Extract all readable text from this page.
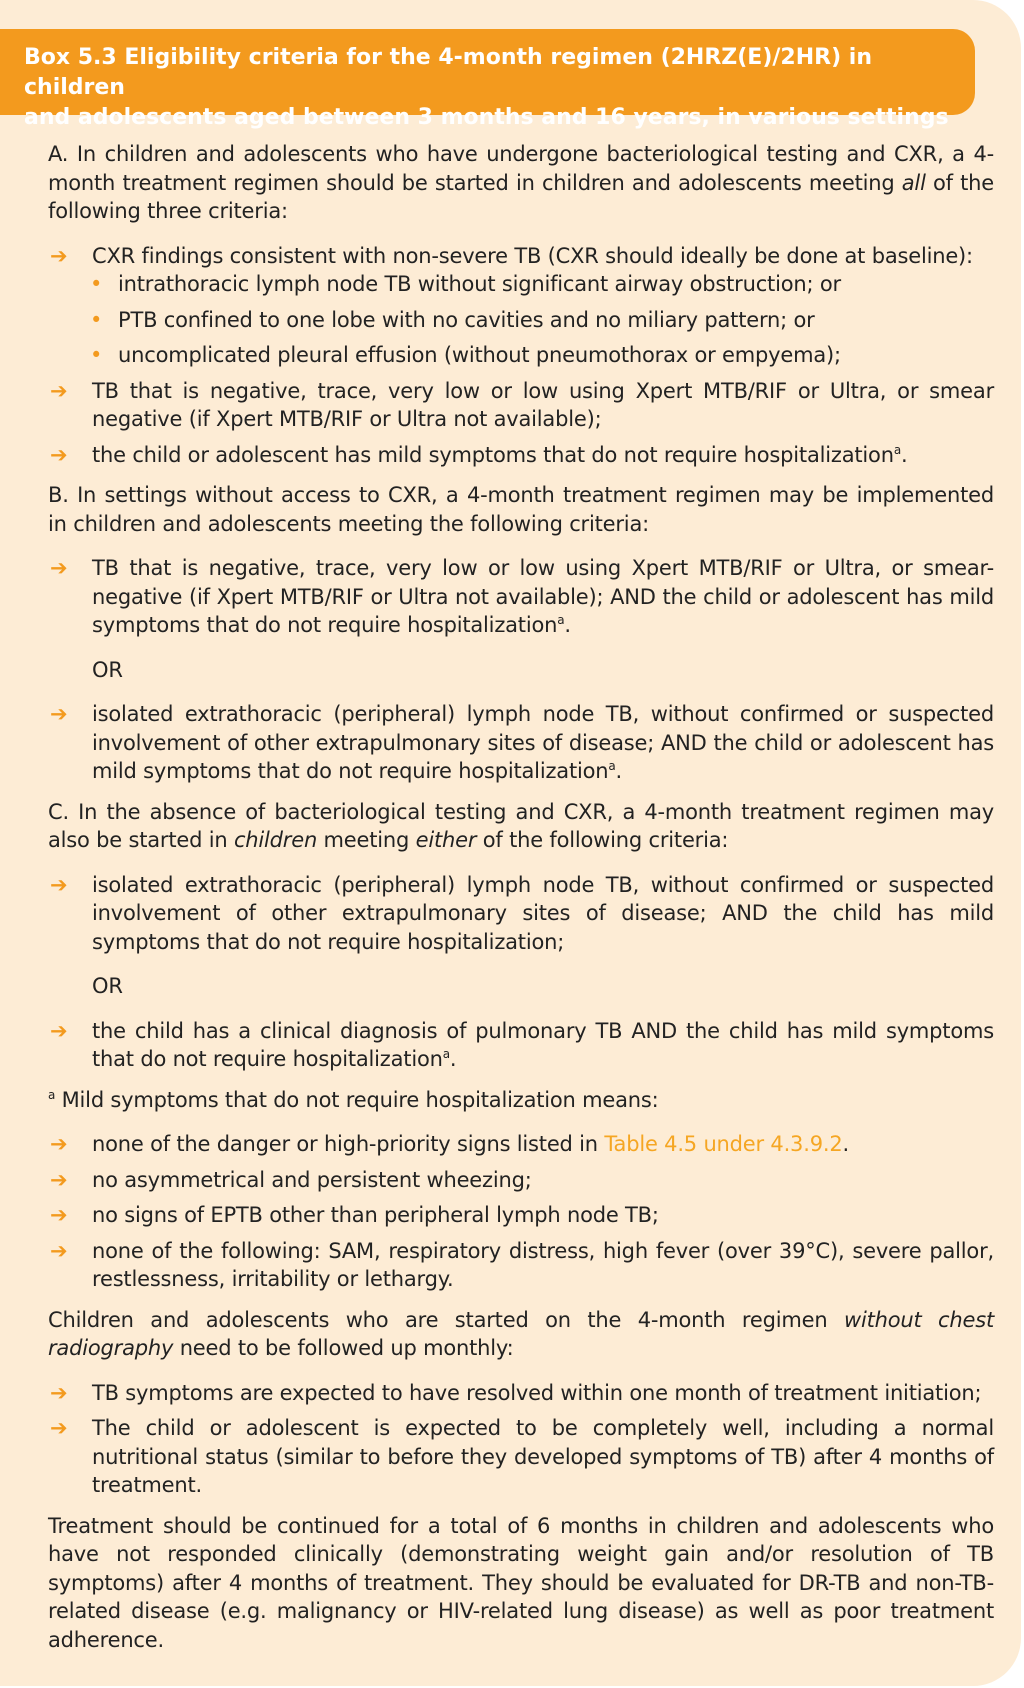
Box 5.3 Eligibility criteria for the 4-month regimen (2HRZ(E)/2HR) in children
and adolescents aged between 3 months and 16 years, in various settings

A. In children and adolescents who have undergone bacteriological testing and CXR, a 4-month treatment regimen should be started in children and adolescents meeting all of the following three criteria:

➔ CXR findings consistent with non-severe TB (CXR should ideally be done at baseline):
• intrathoracic lymph node TB without significant airway obstruction; or
• PTB confined to one lobe with no cavities and no miliary pattern; or
• uncomplicated pleural effusion (without pneumothorax or empyema);
➔ TB that is negative, trace, very low or low using Xpert MTB/RIF or Ultra, or smear negative (if Xpert MTB/RIF or Ultra not available);
➔ the child or adolescent has mild symptoms that do not require hospitalization$^a$.

B. In settings without access to CXR, a 4-month treatment regimen may be implemented in children and adolescents meeting the following criteria:

➔ TB that is negative, trace, very low or low using Xpert MTB/RIF or Ultra, or smear-negative (if Xpert MTB/RIF or Ultra not available); AND the child or adolescent has mild symptoms that do not require hospitalization$^a$.
OR
➔ isolated extrathoracic (peripheral) lymph node TB, without confirmed or suspected involvement of other extrapulmonary sites of disease; AND the child or adolescent has mild symptoms that do not require hospitalization$^a$.

C. In the absence of bacteriological testing and CXR, a 4-month treatment regimen may also be started in children meeting either of the following criteria:

➔ isolated extrathoracic (peripheral) lymph node TB, without confirmed or suspected involvement of other extrapulmonary sites of disease; AND the child has mild symptoms that do not require hospitalization;
OR
➔ the child has a clinical diagnosis of pulmonary TB AND the child has mild symptoms that do not require hospitalization$^a$.

$^a$ Mild symptoms that do not require hospitalization means:

➔ none of the danger or high-priority signs listed in Table 4.5 under 4.3.9.2.
➔ no asymmetrical and persistent wheezing;
➔ no signs of EPTB other than peripheral lymph node TB;
➔ none of the following: SAM, respiratory distress, high fever (over 39°C), severe pallor, restlessness, irritability or lethargy.

Children and adolescents who are started on the 4-month regimen without chest radiography need to be followed up monthly:

➔ TB symptoms are expected to have resolved within one month of treatment initiation;
➔ The child or adolescent is expected to be completely well, including a normal nutritional status (similar to before they developed symptoms of TB) after 4 months of treatment.

Treatment should be continued for a total of 6 months in children and adolescents who have not responded clinically (demonstrating weight gain and/or resolution of TB symptoms) after 4 months of treatment. They should be evaluated for DR-TB and non-TB-related disease (e.g. malignancy or HIV-related lung disease) as well as poor treatment adherence.
